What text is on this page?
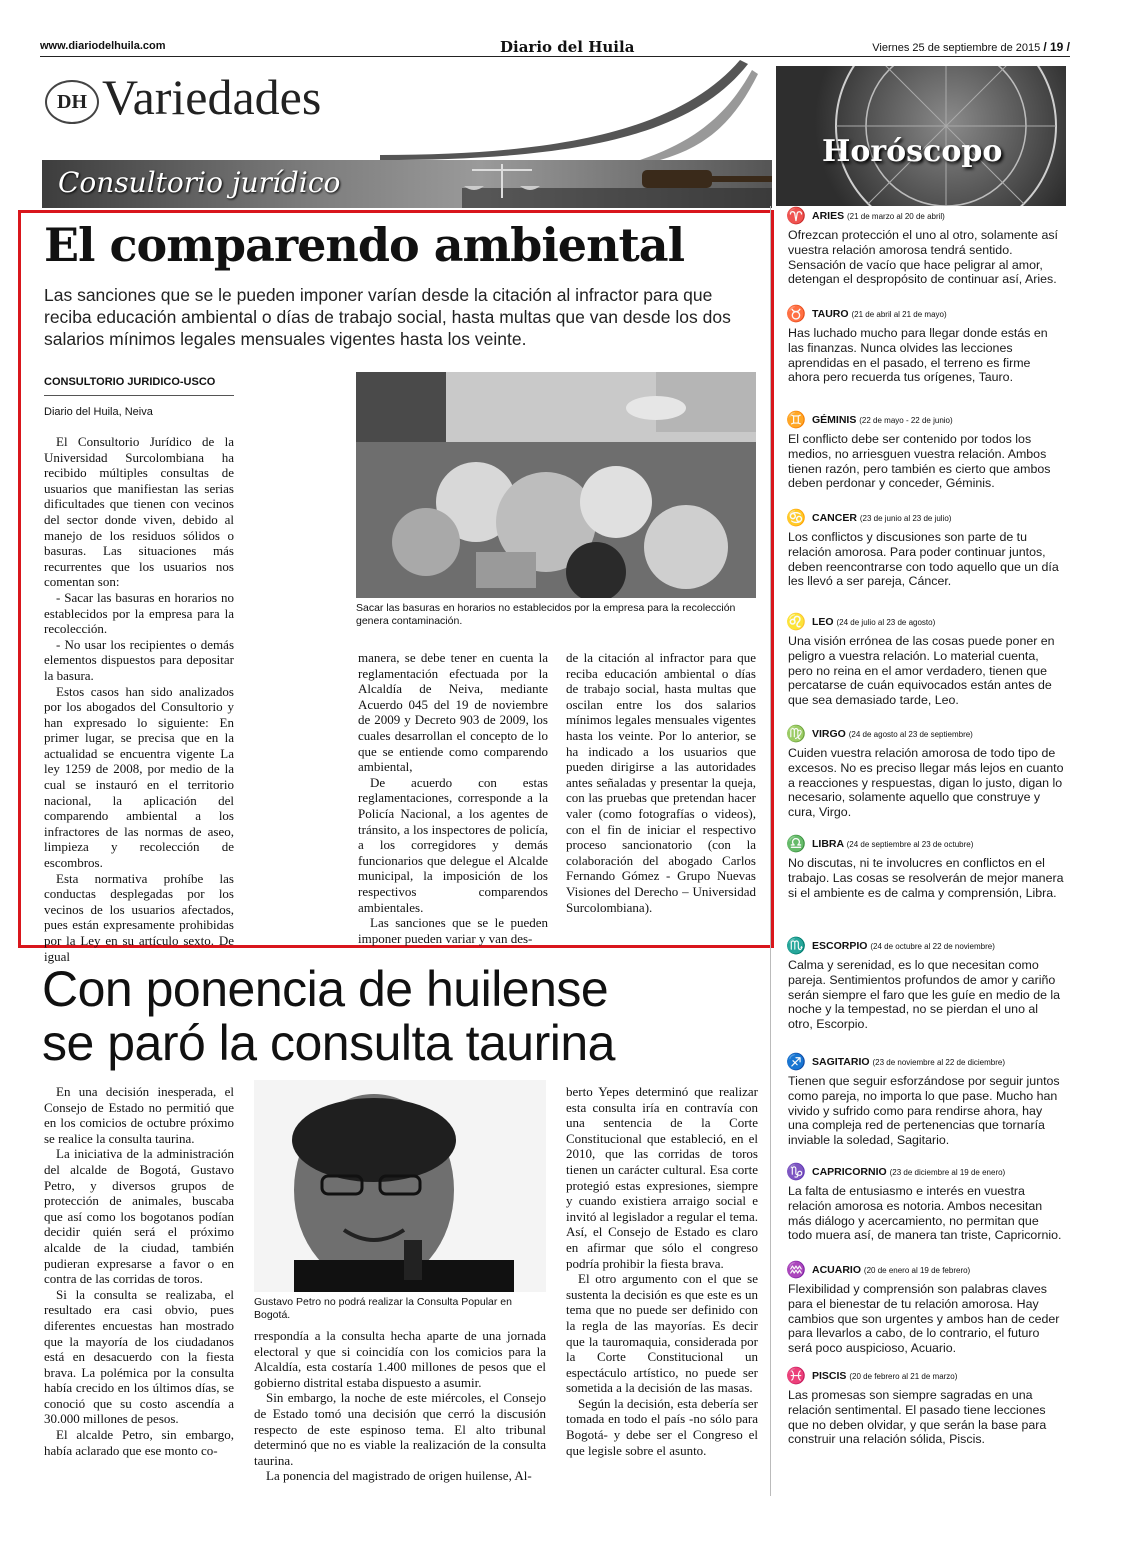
www.diariodelhuila.com	Diario del Huila	Viernes 25 de septiembre de 2015 / 19 /
DH Variedades
Consultorio jurídico
El comparendo ambiental
Las sanciones que se le pueden imponer varían desde la citación al infractor para que reciba educación ambiental o días de trabajo social, hasta multas que van desde los dos salarios mínimos legales mensuales vigentes hasta los veinte.
CONSULTORIO JURIDICO-USCO
Diario del Huila, Neiva

El Consultorio Jurídico de la Universidad Surcolombiana ha recibido múltiples consultas de usuarios que manifiestan las serias dificultades que tienen con vecinos del sector donde viven, debido al manejo de los residuos sólidos o basuras. Las situaciones más recurrentes que los usuarios nos comentan son:

- Sacar las basuras en horarios no establecidos por la empresa para la recolección.

- No usar los recipientes o demás elementos dispuestos para depositar la basura.

Estos casos han sido analizados por los abogados del Consultorio y han expresado lo siguiente: En primer lugar, se precisa que en la actualidad se encuentra vigente La ley 1259 de 2008, por medio de la cual se instauró en el territorio nacional, la aplicación del comparendo ambiental a los infractores de las normas de aseo, limpieza y recolección de escombros.

Esta normativa prohíbe las conductas desplegadas por los vecinos de los usuarios afectados, pues están expresamente prohibidas por la Ley en su artículo sexto. De igual

Sacar las basuras en horarios no establecidos por la empresa para la recolección genera contaminación.

manera, se debe tener en cuenta la reglamentación efectuada por la Alcaldía de Neiva, mediante Acuerdo 045 del 19 de noviembre de 2009 y Decreto 903 de 2009, los cuales desarrollan el concepto de lo que se entiende como comparendo ambiental,

De acuerdo con estas reglamentaciones, corresponde a la Policía Nacional, a los agentes de tránsito, a los inspectores de policía, a los corregidores y demás funcionarios que delegue el Alcalde municipal, la imposición de los respectivos comparendos ambientales.

Las sanciones que se le pueden imponer pueden variar y van des-

de la citación al infractor para que reciba educación ambiental o días de trabajo social, hasta multas que oscilan entre los dos salarios mínimos legales mensuales vigentes hasta los veinte. Por lo anterior, se ha indicado a los usuarios que pueden dirigirse a las autoridades antes señaladas y presentar la queja, con las pruebas que pretendan hacer valer (como fotografías o videos), con el fin de iniciar el respectivo proceso sancionatorio (con la colaboración del abogado Carlos Fernando Gómez - Grupo Nuevas Visiones del Derecho – Universidad Surcolombiana).

Con ponencia de huilense
se paró la consulta taurina

En una decisión inesperada, el Consejo de Estado no permitió que en los comicios de octubre próximo se realice la consulta taurina.

La iniciativa de la administración del alcalde de Bogotá, Gustavo Petro, y diversos grupos de protección de animales, buscaba que así como los bogotanos podían decidir quién será el próximo alcalde de la ciudad, también pudieran expresarse a favor o en contra de las corridas de toros.

Si la consulta se realizaba, el resultado era casi obvio, pues diferentes encuestas han mostrado que la mayoría de los ciudadanos está en desacuerdo con la fiesta brava. La polémica por la consulta había crecido en los últimos días, se conoció que su costo ascendía a 30.000 millones de pesos.

El alcalde Petro, sin embargo, había aclarado que ese monto co-

Gustavo Petro no podrá realizar la Consulta Popular en Bogotá.

rrespondía a la consulta hecha aparte de una jornada electoral y que si coincidía con los comicios para la Alcaldía, esta costaría 1.400 millones de pesos que el gobierno distrital estaba dispuesto a asumir.

Sin embargo, la noche de este miércoles, el Consejo de Estado tomó una decisión que cerró la discusión respecto de este espinoso tema. El alto tribunal determinó que no es viable la realización de la consulta taurina.

La ponencia del magistrado de origen huilense, Al-

berto Yepes determinó que realizar esta consulta iría en contravía con una sentencia de la Corte Constitucional que estableció, en el 2010, que las corridas de toros tienen un carácter cultural. Esa corte protegió estas expresiones, siempre y cuando existiera arraigo social e invitó al legislador a regular el tema. Así, el Consejo de Estado es claro en afirmar que sólo el congreso podría prohibir la fiesta brava.

El otro argumento con el que se sustenta la decisión es que este es un tema que no puede ser definido con la regla de las mayorías. Es decir que la tauromaquia, considerada por la Corte Constitucional un espectáculo artístico, no puede ser sometida a la decisión de las masas.

Según la decisión, esta debería ser tomada en todo el país -no sólo para Bogotá- y debe ser el Congreso el que legisle sobre el asunto.

Horóscopo
♈ ARIES (21 de marzo al 20 de abril)
Ofrezcan protección el uno al otro, solamente así vuestra relación amorosa tendrá sentido. Sensación de vacío que hace peligrar al amor, detengan el despropósito de continuar así, Aries.
♉ TAURO (21 de abril al 21 de mayo)
Has luchado mucho para llegar donde estás en las finanzas. Nunca olvides las lecciones aprendidas en el pasado, el terreno es firme ahora pero recuerda tus orígenes, Tauro.
♊ GÉMINIS (22 de mayo - 22 de junio)
El conflicto debe ser contenido por todos los medios, no arriesguen vuestra relación. Ambos tienen razón, pero también es cierto que ambos deben perdonar y conceder, Géminis.
♋ CANCER (23 de junio al 23 de julio)
Los conflictos y discusiones son parte de tu relación amorosa. Para poder continuar juntos, deben reencontrarse con todo aquello que un día les llevó a ser pareja, Cáncer.
♌ LEO (24 de julio al 23 de agosto)
Una visión errónea de las cosas puede poner en peligro a vuestra relación. Lo material cuenta, pero no reina en el amor verdadero, tienen que percatarse de cuán equivocados están antes de que sea demasiado tarde, Leo.
♍ VIRGO (24 de agosto al 23 de septiembre)
Cuiden vuestra relación amorosa de todo tipo de excesos. No es preciso llegar más lejos en cuanto a reacciones y respuestas, digan lo justo, digan lo necesario, solamente aquello que construye y cura, Virgo.
♎ LIBRA (24 de septiembre al 23 de octubre)
No discutas, ni te involucres en conflictos en el trabajo. Las cosas se resolverán de mejor manera si el ambiente es de calma y comprensión, Libra.
♏ ESCORPIO (24 de octubre al 22 de noviembre)
Calma y serenidad, es lo que necesitan como pareja. Sentimientos profundos de amor y cariño serán siempre el faro que les guíe en medio de la noche y la tempestad, no se pierdan el uno al otro, Escorpio.
♐ SAGITARIO (23 de noviembre al 22 de diciembre)
Tienen que seguir esforzándose por seguir juntos como pareja, no importa lo que pase. Mucho han vivido y sufrido como para rendirse ahora, hay una compleja red de pertenencias que tornaría inviable la soledad, Sagitario.
♑ CAPRICORNIO (23 de diciembre al 19 de enero)
La falta de entusiasmo e interés en vuestra relación amorosa es notoria. Ambos necesitan más diálogo y acercamiento, no permitan que todo muera así, de manera tan triste, Capricornio.
♒ ACUARIO (20 de enero al 19 de febrero)
Flexibilidad y comprensión son palabras claves para el bienestar de tu relación amorosa. Hay cambios que son urgentes y ambos han de ceder para llevarlos a cabo, de lo contrario, el futuro será poco auspicioso, Acuario.
♓ PISCIS (20 de febrero al 21 de marzo)
Las promesas son siempre sagradas en una relación sentimental. El pasado tiene lecciones que no deben olvidar, y que serán la base para construir una relación sólida, Piscis.
